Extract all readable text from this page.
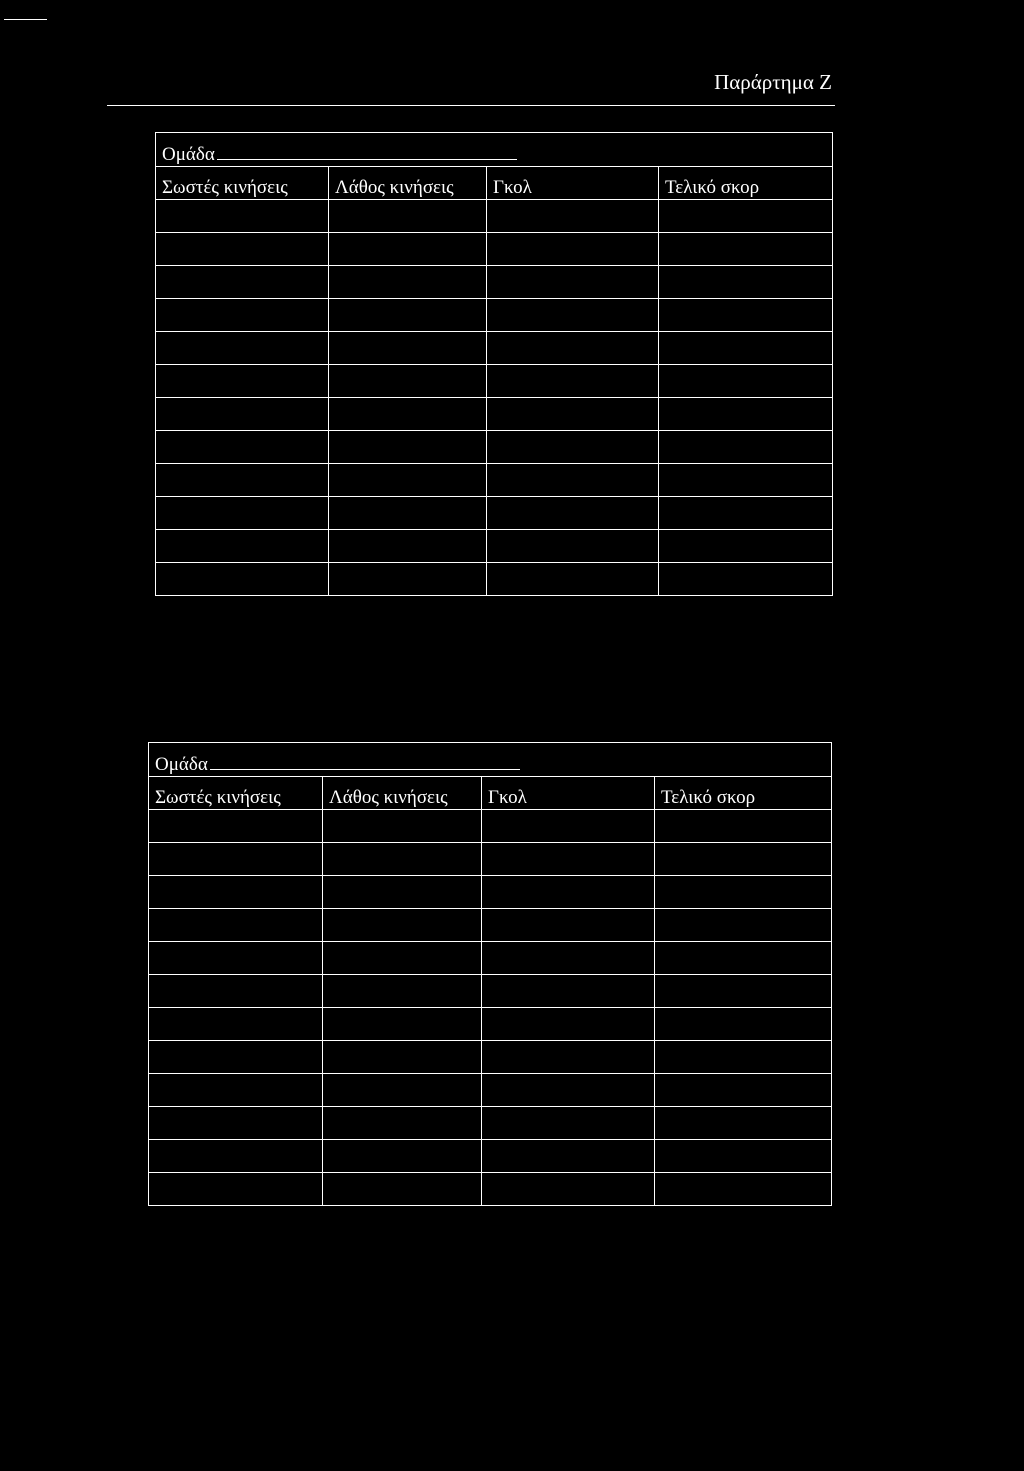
Παράρτημα Ζ
Ομάδα			
Σωστές κινήσεις	Λάθος κινήσεις	Γκολ	Τελικό σκορ

Ομάδα			
Σωστές κινήσεις	Λάθος κινήσεις	Γκολ	Τελικό σκορ
